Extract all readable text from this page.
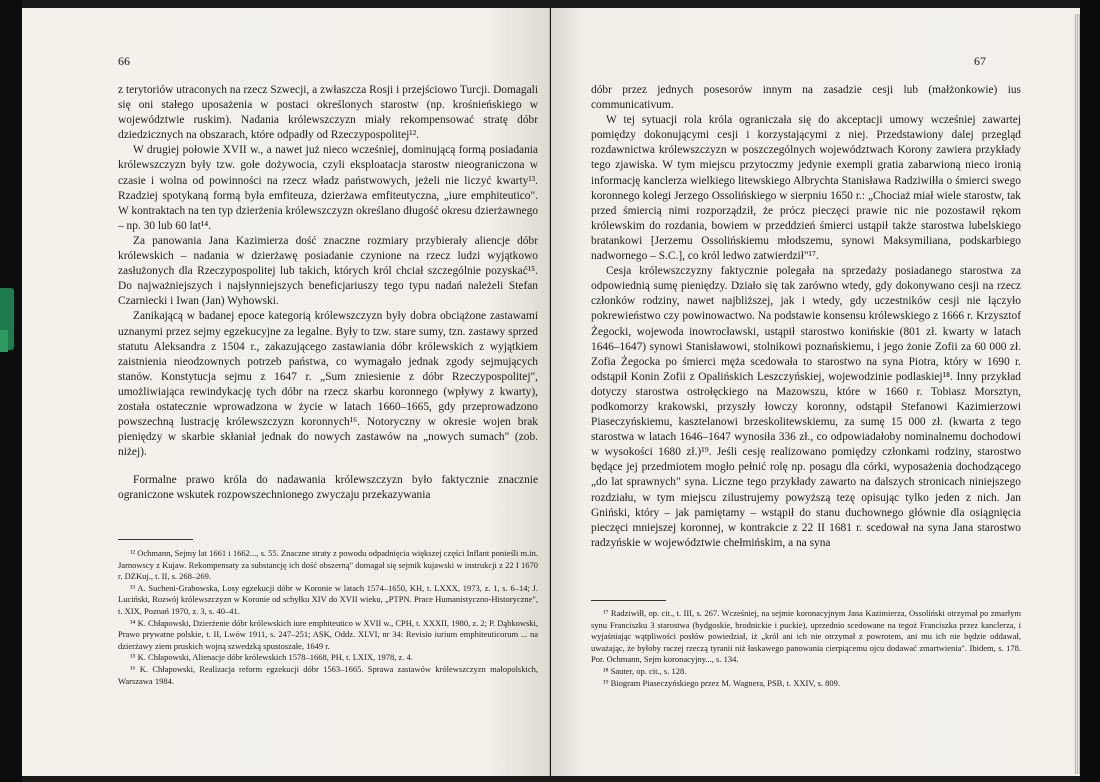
66

z terytoriów utraconych na rzecz Szwecji, a zwłaszcza Rosji i przejściowo Turcji. Domagali się oni stałego uposażenia w postaci określonych starostw (np. krośnieńskiego w województwie ruskim). Nadania królewszczyzn miały rekompensować stratę dóbr dziedzicznych na obszarach, które odpadły od Rzeczypospolitej¹².

W drugiej połowie XVII w., a nawet już nieco wcześniej, dominującą formą posiadania królewszczyzn były tzw. gołe dożywocia, czyli eksploatacja starostw nieograniczona w czasie i wolna od powinności na rzecz władz państwowych, jeżeli nie liczyć kwarty¹³. Rzadziej spotykaną formą była emfiteuza, dzierżawa emfiteutyczna, „iure emphiteutico". W kontraktach na ten typ dzierżenia królewszczyzn określano długość okresu dzierżawnego – np. 30 lub 60 lat¹⁴.

Za panowania Jana Kazimierza dość znaczne rozmiary przybierały aliencje dóbr królewskich – nadania w dzierżawę posiadanie czynione na rzecz ludzi wyjątkowo zasłużonych dla Rzeczypospolitej lub takich, których król chciał szczególnie pozyskać¹⁵. Do najważniejszych i najsłynniejszych beneficjariuszy tego typu nadań należeli Stefan Czarniecki i Iwan (Jan) Wyhowski.

Zanikającą w badanej epoce kategorią królewszczyzn były dobra obciążone zastawami uznanymi przez sejmy egzekucyjne za legalne. Były to tzw. stare sumy, tzn. zastawy sprzed statutu Aleksandra z 1504 r., zakazującego zastawiania dóbr królewskich z wyjątkiem zaistnienia nieodzownych potrzeb państwa, co wymagało jednak zgody sejmujących stanów. Konstytucja sejmu z 1647 r. „Sum zniesienie z dóbr Rzeczypospolitej", umożliwiająca rewindykację tych dóbr na rzecz skarbu koronnego (wpływy z kwarty), została ostatecznie wprowadzona w życie w latach 1660–1665, gdy przeprowadzono powszechną lustrację królewszczyzn koronnych¹⁶. Notoryczny w okresie wojen brak pieniędzy w skarbie skłaniał jednak do nowych zastawów na „nowych sumach" (zob. niżej).

Formalne prawo króla do nadawania królewszczyzn było faktycznie znacznie ograniczone wskutek rozpowszechnionego zwyczaju przekazywania

¹² Ochmann, Sejmy lat 1661 i 1662..., s. 55. Znaczne straty z powodu odpadnięcia większej części Inflant ponieśli m.in. Jarnowscy z Kujaw. Rekompensaty za substancję ich dość obszerną" domagał się sejmik kujawski w instrukcji z 22 I 1670 r. DZKuj., t. II, s. 268–269.

¹³ A. Sucheni-Grabowska, Losy egzekucji dóbr w Koronie w latach 1574–1650, KH, t. LXXX, 1973, z. 1, s. 6–14; J. Luciński, Rozwój królewszczyzn w Koronie od schyłku XIV do XVII wieku, „PTPN. Prace Humanistyczno-Historyczne", t. XIX, Poznań 1970, z. 3, s. 40–41.

¹⁴ K. Chłapowski, Dzierżenie dóbr królewskich iure emphiteutico w XVII w., CPH, t. XXXII, 1980, z. 2; P. Dąbkowski, Prawo prywatne polskie, t. II, Lwów 1911, s. 247–251; ASK, Oddz. XLVI, nr 34: Revisio iurium emphiteuticorum ... na dzierżawy ziem pruskich wojną szwedzką spustoszałe, 1649 r.

¹⁵ K. Chłapowski, Alienacje dóbr królewskich 1578–1668, PH, t. LXIX, 1978, z. 4.

¹⁶ K. Chłapowski, Realizacja reform egzekucji dóbr 1563–1665. Sprawa zastawów królewszczyzn małopolskich, Warszawa 1984.

67

dóbr przez jednych posesorów innym na zasadzie cesji lub (małżonkowie) ius communicativum.

W tej sytuacji rola króla ograniczała się do akceptacji umowy wcześniej zawartej pomiędzy dokonującymi cesji i korzystającymi z niej. Przedstawiony dalej przegląd rozdawnictwa królewszczyzn w poszczególnych województwach Korony zawiera przykłady tego zjawiska. W tym miejscu przytoczmy jedynie exempli gratia zabarwioną nieco ironią informację kanclerza wielkiego litewskiego Albrychta Stanisława Radziwiłła o śmierci swego koronnego kolegi Jerzego Ossolińskiego w sierpniu 1650 r.: „Chociaż miał wiele starostw, tak przed śmiercią nimi rozporządził, że prócz pieczęci prawie nic nie pozostawił rękom królewskim do rozdania, bowiem w przeddzień śmierci ustąpił także starostwa lubelskiego bratankowi [Jerzemu Ossolińskiemu młodszemu, synowi Maksymiliana, podskarbiego nadwornego – S.C.], co król ledwo zatwierdził"¹⁷.

Cesja królewszczyzny faktycznie polegała na sprzedaży posiadanego starostwa za odpowiednią sumę pieniędzy. Działo się tak zarówno wtedy, gdy dokonywano cesji na rzecz członków rodziny, nawet najbliższej, jak i wtedy, gdy uczestników cesji nie łączyło pokrewieństwo czy powinowactwo. Na podstawie konsensu królewskiego z 1666 r. Krzysztof Żegocki, wojewoda inowrocławski, ustąpił starostwo konińskie (801 zł. kwarty w latach 1646–1647) synowi Stanisławowi, stolnikowi poznańskiemu, i jego żonie Zofii za 60 000 zł. Zofia Żegocka po śmierci męża scedowała to starostwo na syna Piotra, który w 1690 r. odstąpił Konin Zofii z Opalińskich Leszczyńskiej, wojewodzinie podlaskiej¹⁸. Inny przykład dotyczy starostwa ostrołęckiego na Mazowszu, które w 1660 r. Tobiasz Morsztyn, podkomorzy krakowski, przyszły łowczy koronny, odstąpił Stefanowi Kazimierzowi Piaseczyńskiemu, kasztelanowi brzeskolitewskiemu, za sumę 15 000 zł. (kwarta z tego starostwa w latach 1646–1647 wynosiła 336 zł., co odpowiadałoby nominalnemu dochodowi w wysokości 1680 zł.)¹⁹. Jeśli cesję realizowano pomiędzy członkami rodziny, starostwo będące jej przedmiotem mogło pełnić rolę np. posagu dla córki, wyposażenia dochodzącego „do lat sprawnych" syna. Liczne tego przykłady zawarto na dalszych stronicach niniejszego rozdziału, w tym miejscu zilustrujemy powyższą tezę opisując tylko jeden z nich. Jan Gniński, który – jak pamiętamy – wstąpił do stanu duchownego głównie dla osiągnięcia pieczęci mniejszej koronnej, w kontrakcie z 22 II 1681 r. scedował na syna Jana starostwo radzyńskie w województwie chełmińskim, a na syna

¹⁷ Radziwiłł, op. cit., t. III, s. 267. Wcześniej, na sejmie koronacyjnym Jana Kazimierza, Ossoliński otrzymał po zmarłym synu Franciszku 3 starostwa (bydgoskie, brodnickie i puckie), uprzednio scedowane na tegoż Franciszka przez kanclerza, i wyjaśniając wątpliwości posłów powiedział, iż „król ani ich nie otrzymał z powrotem, ani mu ich nie będzie oddawał, uważając, że byłoby raczej rzeczą tyranii niż łaskawego panowania cierpiącemu ojcu dodawać zmartwienia". Ibidem, s. 178. Por. Ochmann, Sejm koronacyjny..., s. 134.

¹⁸ Sauter, op. cit., s. 128.

¹⁹ Biogram Piaseczyńskiego przez M. Wagnera, PSB, t. XXIV, s. 809.
